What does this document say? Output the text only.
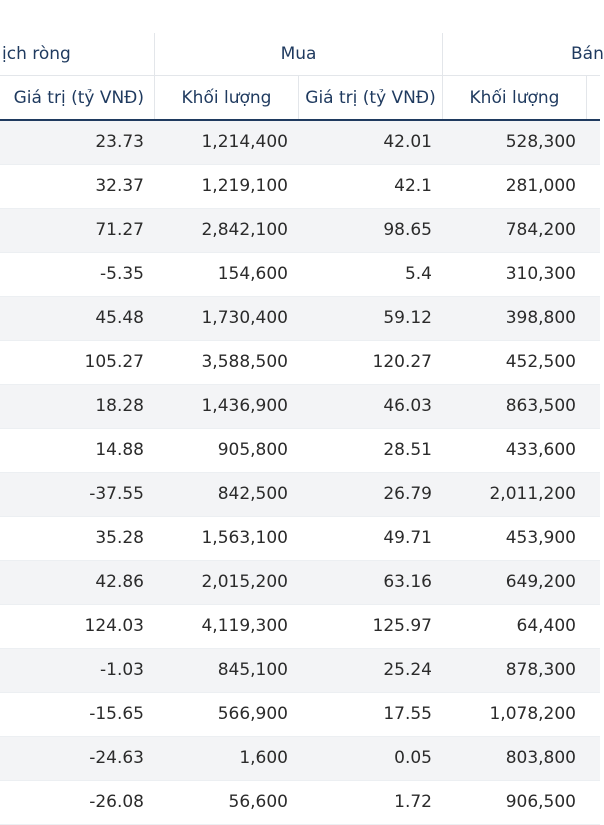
ịch ròng	Mua	Bán
Giá trị (tỷ VNĐ)	Khối lượng	Giá trị (tỷ VNĐ)	Khối lượng
23.73	1,214,400	42.01	528,300
32.37	1,219,100	42.1	281,000
71.27	2,842,100	98.65	784,200
-5.35	154,600	5.4	310,300
45.48	1,730,400	59.12	398,800
105.27	3,588,500	120.27	452,500
18.28	1,436,900	46.03	863,500
14.88	905,800	28.51	433,600
-37.55	842,500	26.79	2,011,200
35.28	1,563,100	49.71	453,900
42.86	2,015,200	63.16	649,200
124.03	4,119,300	125.97	64,400
-1.03	845,100	25.24	878,300
-15.65	566,900	17.55	1,078,200
-24.63	1,600	0.05	803,800
-26.08	56,600	1.72	906,500
